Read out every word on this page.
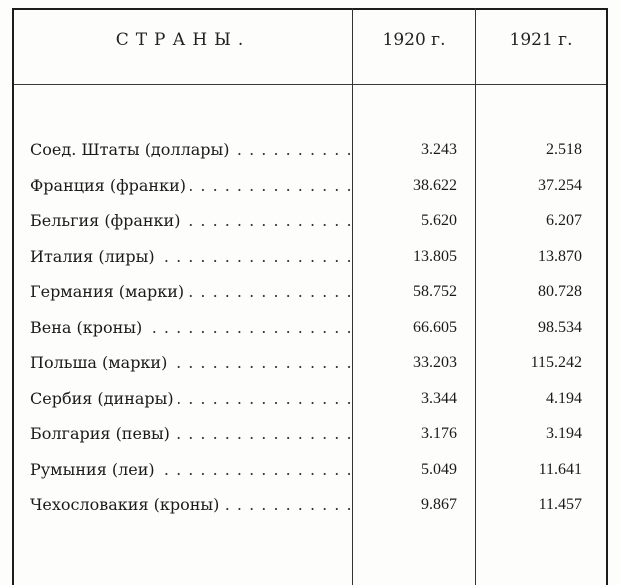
СТРАНЫ.	1920 г.	1921 г.
Соед. Штаты (доллары) . . .	3.243	2.518
Франция (франки) . . .	38.622	37.254
Бельгия (франки) . . .	5.620	6.207
Италия (лиры) . . .	13.805	13.870
Германия (марки) . . .	58.752	80.728
Вена (кроны) . . .	66.605	98.534
Польша (марки) . . .	33.203	115.242
Сербия (динары) . . .	3.344	4.194
Болгария (певы) . . .	3.176	3.194
Румыния (леи) . . .	5.049	11.641
Чехословакия (кроны) . . .	9.867	11.457
